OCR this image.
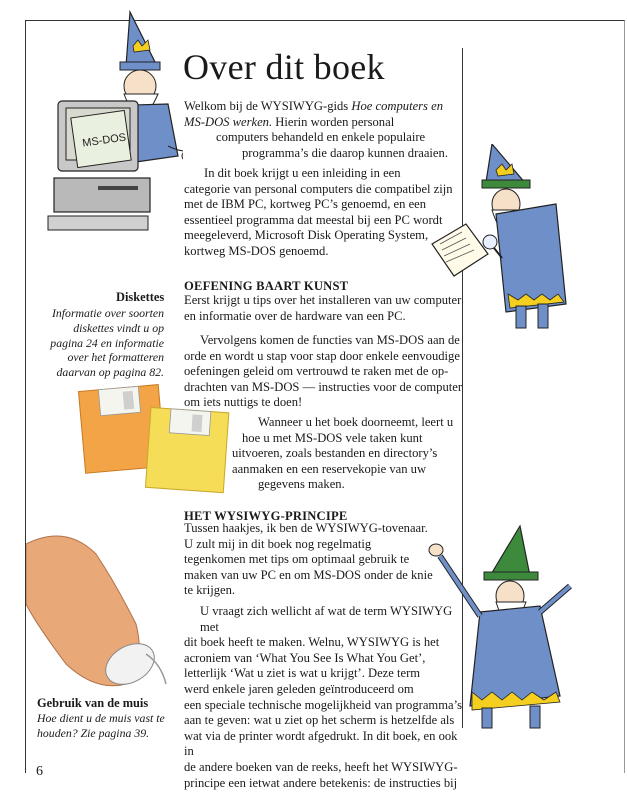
Over dit boek
Welkom bij de WYSIWYG-gids Hoe computers en
MS-DOS werken. Hierin worden personal
computers behandeld en enkele populaire
programma’s die daarop kunnen draaien.
In dit boek krijgt u een inleiding in een
categorie van personal computers die compatibel zijn
met de IBM PC, kortweg PC’s genoemd, en een
essentieel programma dat meestal bij een PC wordt
meegeleverd, Microsoft Disk Operating System,
kortweg MS-DOS genoemd.
OEFENING BAART KUNST
Eerst krijgt u tips over het installeren van uw computer
en informatie over de hardware van een PC.
Vervolgens komen de functies van MS-DOS aan de
orde en wordt u stap voor stap door enkele eenvoudige
oefeningen geleid om vertrouwd te raken met de op-
drachten van MS-DOS — instructies voor de computer
om iets nuttigs te doen!
Wanneer u het boek doorneemt, leert u
hoe u met MS-DOS vele taken kunt
uitvoeren, zoals bestanden en directory’s
aanmaken en een reservekopie van uw
gegevens maken.
HET WYSIWYG-PRINCIPE
Tussen haakjes, ik ben de WYSIWYG-tovenaar.
U zult mij in dit boek nog regelmatig
tegenkomen met tips om optimaal gebruik te
maken van uw PC en om MS-DOS onder de knie
te krijgen.
U vraagt zich wellicht af wat de term WYSIWYG met
dit boek heeft te maken. Welnu, WYSIWYG is het
acroniem van ‘What You See Is What You Get’,
letterlijk ‘Wat u ziet is wat u krijgt’. Deze term
werd enkele jaren geleden geïntroduceerd om
een speciale technische mogelijkheid van programma’s
aan te geven: wat u ziet op het scherm is hetzelfde als
wat via de printer wordt afgedrukt. In dit boek, en ook in
de andere boeken van de reeks, heeft het WYSIWYG-
principe een ietwat andere betekenis: de instructies bij
Diskettes
Informatie over soorten
diskettes vindt u op
pagina 24 en informatie
over het formatteren
daarvan op pagina 82.
Gebruik van de muis
Hoe dient u de muis vast te
houden? Zie pagina 39.
6
MS-DOS
